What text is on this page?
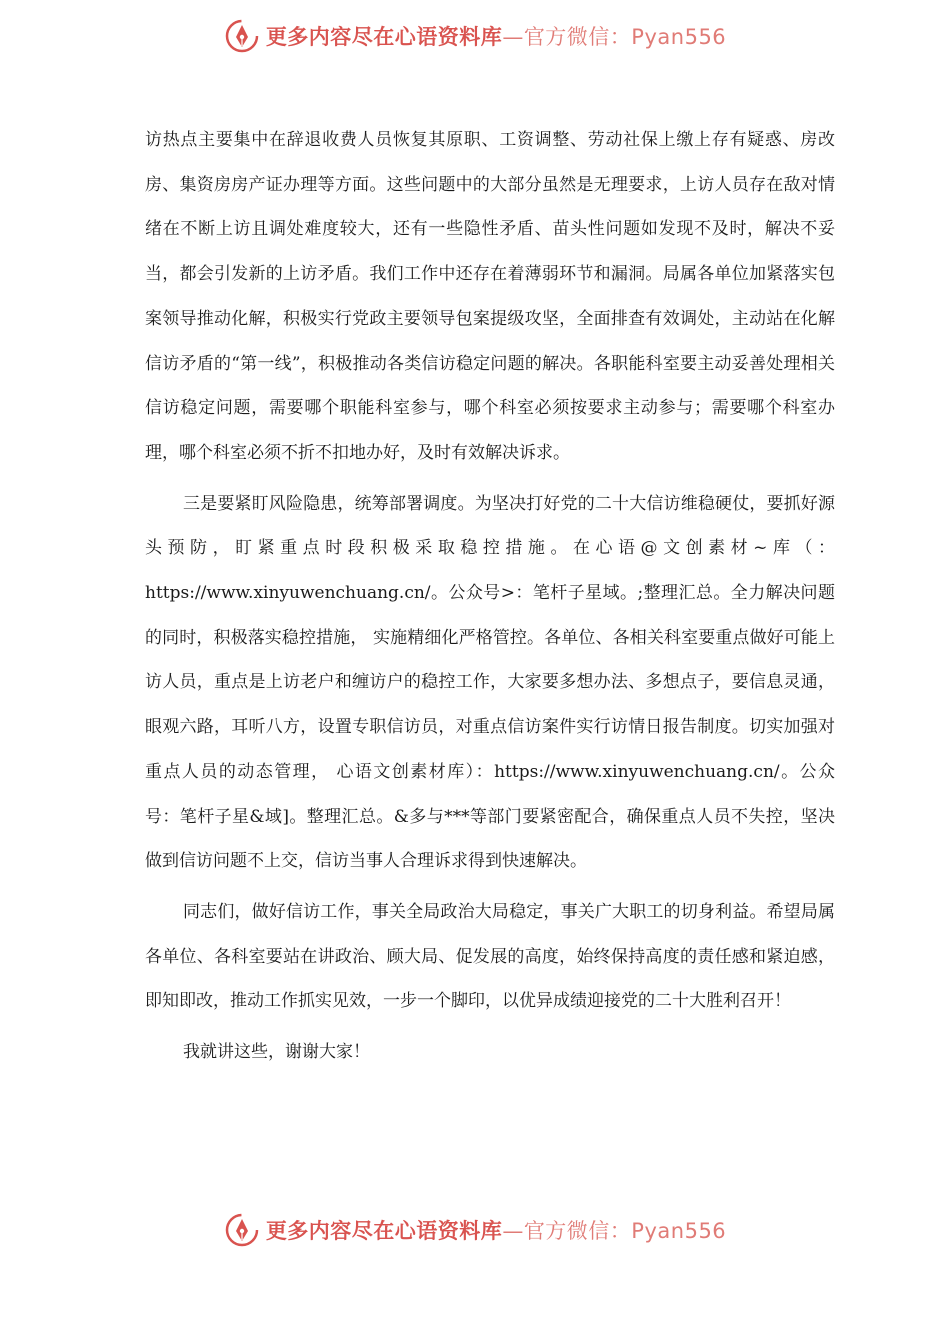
更多内容尽在心语资料库 —官方微信：Pyan556

访热点主要集中在辞退收费人员恢复其原职、工资调整、劳动社保上缴上存有疑惑、房改房、集资房房产证办理等方面。这些问题中的大部分虽然是无理要求，上访人员存在敌对情绪在不断上访且调处难度较大，还有一些隐性矛盾、苗头性问题如发现不及时，解决不妥当，都会引发新的上访矛盾。我们工作中还存在着薄弱环节和漏洞。局属各单位加紧落实包案领导推动化解，积极实行党政主要领导包案提级攻坚，全面排查有效调处，主动站在化解信访矛盾的“第一线”，积极推动各类信访稳定问题的解决。各职能科室要主动妥善处理相关信访稳定问题，需要哪个职能科室参与，哪个科室必须按要求主动参与；需要哪个科室办理，哪个科室必须不折不扣地办好，及时有效解决诉求。

三是要紧盯风险隐患，统筹部署调度。为坚决打好党的二十大信访维稳硬仗，要抓好源头预防，盯紧重点时段积极采取稳控措施。在心语@文创素材~库（：https://www.xinyuwenchuang.cn/。公众号>：笔杆子星域。;整理汇总。全力解决问题的同时，积极落实稳控措施， 实施精细化严格管控。各单位、各相关科室要重点做好可能上访人员，重点是上访老户和缠访户的稳控工作，大家要多想办法、多想点子，要信息灵通，眼观六路，耳听八方，设置专职信访员，对重点信访案件实行访情日报告制度。切实加强对重点人员的动态管理， 心语文创素材库）：https://www.xinyuwenchuang.cn/。公众号：笔杆子星&域]。整理汇总。&多与***等部门要紧密配合，确保重点人员不失控，坚决做到信访问题不上交，信访当事人合理诉求得到快速解决。

同志们，做好信访工作，事关全局政治大局稳定，事关广大职工的切身利益。希望局属各单位、各科室要站在讲政治、顾大局、促发展的高度，始终保持高度的责任感和紧迫感，即知即改，推动工作抓实见效，一步一个脚印，以优异成绩迎接党的二十大胜利召开！

我就讲这些，谢谢大家！

更多内容尽在心语资料库 —官方微信：Pyan556
